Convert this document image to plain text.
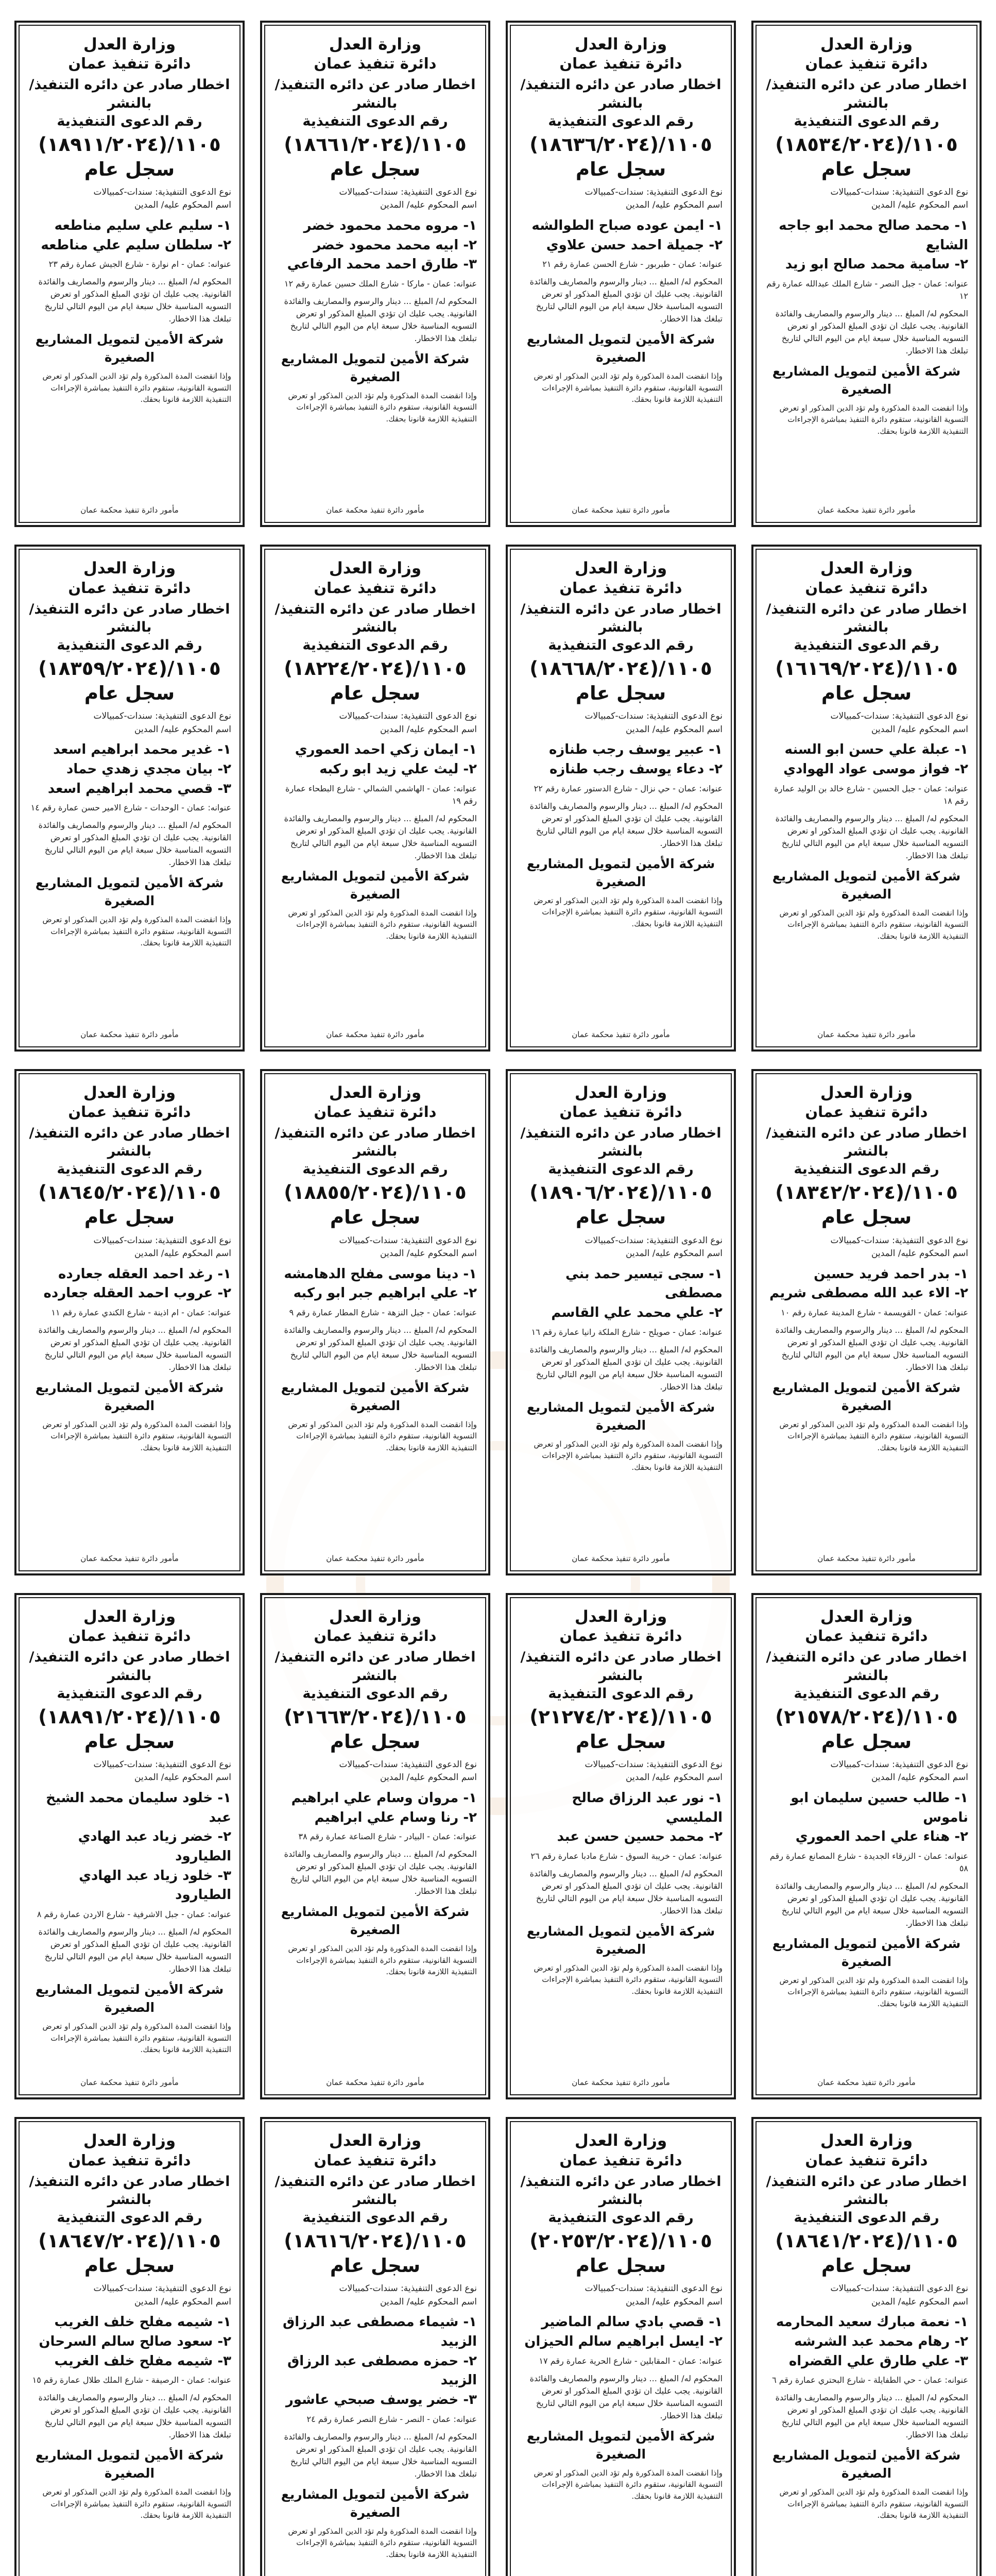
وزارة العدل
دائرة تنفيذ عمان
اخطار صادر عن دائره التنفيذ/ بالنشر
رقم الدعوى التنفيذية
١١٠٥/(١٨٥٣٤/٢٠٢٤) سجل عام
نوع الدعوى التنفيذية: سندات-كمبيالات
اسم المحكوم عليه/ المدين
١- محمد صالح محمد ابو جاجه الشايع
٢- سامية محمد صالح ابو زيد
عنوانه: عمان - جبل النصر - شارع الملك عبدالله عمارة رقم ١٢
المحكوم له/ المبلغ ... دينار والرسوم والمصاريف والفائدة القانونية. يجب عليك ان تؤدي المبلغ المذكور او تعرض التسويه المناسبة خلال سبعة ايام من اليوم التالي لتاريخ تبلغك هذا الاخطار.
شركة الأمين لتمويل المشاريع الصغيرة
وإذا انقضت المدة المذكورة ولم تؤد الدين المذكور او تعرض التسوية القانونية، ستقوم دائرة التنفيذ بمباشرة الإجراءات التنفيذية اللازمة قانونا بحقك.
مأمور دائرة تنفيذ محكمة عمان
وزارة العدل
دائرة تنفيذ عمان
اخطار صادر عن دائره التنفيذ/ بالنشر
رقم الدعوى التنفيذية
١١٠٥/(١٨٦٣٦/٢٠٢٤) سجل عام
نوع الدعوى التنفيذية: سندات-كمبيالات
اسم المحكوم عليه/ المدين
١- ايمن عوده صباح الطوالشه
٢- جميلة احمد حسن علاوي
عنوانه: عمان - طبربور - شارع الحسن عمارة رقم ٢١
المحكوم له/ المبلغ ... دينار والرسوم والمصاريف والفائدة القانونية. يجب عليك ان تؤدي المبلغ المذكور او تعرض التسويه المناسبة خلال سبعة ايام من اليوم التالي لتاريخ تبلغك هذا الاخطار.
شركة الأمين لتمويل المشاريع الصغيرة
وإذا انقضت المدة المذكورة ولم تؤد الدين المذكور او تعرض التسوية القانونية، ستقوم دائرة التنفيذ بمباشرة الإجراءات التنفيذية اللازمة قانونا بحقك.
مأمور دائرة تنفيذ محكمة عمان
وزارة العدل
دائرة تنفيذ عمان
اخطار صادر عن دائره التنفيذ/ بالنشر
رقم الدعوى التنفيذية
١١٠٥/(١٨٦٦١/٢٠٢٤) سجل عام
نوع الدعوى التنفيذية: سندات-كمبيالات
اسم المحكوم عليه/ المدين
١- مروه محمد محمود خضر
٢- ابيه محمد محمود خضر
٣- طارق احمد محمد الرفاعي
عنوانه: عمان - ماركا - شارع الملك حسين عمارة رقم ١٢
المحكوم له/ المبلغ ... دينار والرسوم والمصاريف والفائدة القانونية. يجب عليك ان تؤدي المبلغ المذكور او تعرض التسويه المناسبة خلال سبعة ايام من اليوم التالي لتاريخ تبلغك هذا الاخطار.
شركة الأمين لتمويل المشاريع الصغيرة
وإذا انقضت المدة المذكورة ولم تؤد الدين المذكور او تعرض التسوية القانونية، ستقوم دائرة التنفيذ بمباشرة الإجراءات التنفيذية اللازمة قانونا بحقك.
مأمور دائرة تنفيذ محكمة عمان
وزارة العدل
دائرة تنفيذ عمان
اخطار صادر عن دائره التنفيذ/ بالنشر
رقم الدعوى التنفيذية
١١٠٥/(١٨٩١١/٢٠٢٤) سجل عام
نوع الدعوى التنفيذية: سندات-كمبيالات
اسم المحكوم عليه/ المدين
١- سليم علي سليم مناطعه
٢- سلطان سليم علي مناطعه
عنوانه: عمان - ام نوارة - شارع الجيش عمارة رقم ٢٣
المحكوم له/ المبلغ ... دينار والرسوم والمصاريف والفائدة القانونية. يجب عليك ان تؤدي المبلغ المذكور او تعرض التسويه المناسبة خلال سبعة ايام من اليوم التالي لتاريخ تبلغك هذا الاخطار.
شركة الأمين لتمويل المشاريع الصغيرة
وإذا انقضت المدة المذكورة ولم تؤد الدين المذكور او تعرض التسوية القانونية، ستقوم دائرة التنفيذ بمباشرة الإجراءات التنفيذية اللازمة قانونا بحقك.
مأمور دائرة تنفيذ محكمة عمان
وزارة العدل
دائرة تنفيذ عمان
اخطار صادر عن دائره التنفيذ/ بالنشر
رقم الدعوى التنفيذية
١١٠٥/(١٦١٦٩/٢٠٢٤) سجل عام
نوع الدعوى التنفيذية: سندات-كمبيالات
اسم المحكوم عليه/ المدين
١- عبلة علي حسن ابو السنه
٢- فواز موسى عواد الهوادي
عنوانه: عمان - جبل الحسين - شارع خالد بن الوليد عمارة رقم ١٨
المحكوم له/ المبلغ ... دينار والرسوم والمصاريف والفائدة القانونية. يجب عليك ان تؤدي المبلغ المذكور او تعرض التسويه المناسبة خلال سبعة ايام من اليوم التالي لتاريخ تبلغك هذا الاخطار.
شركة الأمين لتمويل المشاريع الصغيرة
وإذا انقضت المدة المذكورة ولم تؤد الدين المذكور او تعرض التسوية القانونية، ستقوم دائرة التنفيذ بمباشرة الإجراءات التنفيذية اللازمة قانونا بحقك.
مأمور دائرة تنفيذ محكمة عمان
وزارة العدل
دائرة تنفيذ عمان
اخطار صادر عن دائره التنفيذ/ بالنشر
رقم الدعوى التنفيذية
١١٠٥/(١٨٦٦٨/٢٠٢٤) سجل عام
نوع الدعوى التنفيذية: سندات-كمبيالات
اسم المحكوم عليه/ المدين
١- عبير يوسف رجب طنازه
٢- دعاء يوسف رجب طنازه
عنوانه: عمان - حي نزال - شارع الدستور عمارة رقم ٢٢
المحكوم له/ المبلغ ... دينار والرسوم والمصاريف والفائدة القانونية. يجب عليك ان تؤدي المبلغ المذكور او تعرض التسويه المناسبة خلال سبعة ايام من اليوم التالي لتاريخ تبلغك هذا الاخطار.
شركة الأمين لتمويل المشاريع الصغيرة
وإذا انقضت المدة المذكورة ولم تؤد الدين المذكور او تعرض التسوية القانونية، ستقوم دائرة التنفيذ بمباشرة الإجراءات التنفيذية اللازمة قانونا بحقك.
مأمور دائرة تنفيذ محكمة عمان
وزارة العدل
دائرة تنفيذ عمان
اخطار صادر عن دائره التنفيذ/ بالنشر
رقم الدعوى التنفيذية
١١٠٥/(١٨٢٢٤/٢٠٢٤) سجل عام
نوع الدعوى التنفيذية: سندات-كمبيالات
اسم المحكوم عليه/ المدين
١- ايمان زكي احمد العموري
٢- ليث علي زيد ابو ركبه
عنوانه: عمان - الهاشمي الشمالي - شارع البطحاء عمارة رقم ١٩
المحكوم له/ المبلغ ... دينار والرسوم والمصاريف والفائدة القانونية. يجب عليك ان تؤدي المبلغ المذكور او تعرض التسويه المناسبة خلال سبعة ايام من اليوم التالي لتاريخ تبلغك هذا الاخطار.
شركة الأمين لتمويل المشاريع الصغيرة
وإذا انقضت المدة المذكورة ولم تؤد الدين المذكور او تعرض التسوية القانونية، ستقوم دائرة التنفيذ بمباشرة الإجراءات التنفيذية اللازمة قانونا بحقك.
مأمور دائرة تنفيذ محكمة عمان
وزارة العدل
دائرة تنفيذ عمان
اخطار صادر عن دائره التنفيذ/ بالنشر
رقم الدعوى التنفيذية
١١٠٥/(١٨٣٥٩/٢٠٢٤) سجل عام
نوع الدعوى التنفيذية: سندات-كمبيالات
اسم المحكوم عليه/ المدين
١- غدير محمد ابراهيم اسعد
٢- بيان مجدي زهدي حماد
٣- قصي محمد ابراهيم اسعد
عنوانه: عمان - الوحدات - شارع الامير حسن عمارة رقم ١٤
المحكوم له/ المبلغ ... دينار والرسوم والمصاريف والفائدة القانونية. يجب عليك ان تؤدي المبلغ المذكور او تعرض التسويه المناسبة خلال سبعة ايام من اليوم التالي لتاريخ تبلغك هذا الاخطار.
شركة الأمين لتمويل المشاريع الصغيرة
وإذا انقضت المدة المذكورة ولم تؤد الدين المذكور او تعرض التسوية القانونية، ستقوم دائرة التنفيذ بمباشرة الإجراءات التنفيذية اللازمة قانونا بحقك.
مأمور دائرة تنفيذ محكمة عمان
وزارة العدل
دائرة تنفيذ عمان
اخطار صادر عن دائره التنفيذ/ بالنشر
رقم الدعوى التنفيذية
١١٠٥/(١٨٣٤٢/٢٠٢٤) سجل عام
نوع الدعوى التنفيذية: سندات-كمبيالات
اسم المحكوم عليه/ المدين
١- بدر احمد فريد حسين
٢- الاء عبد الله مصطفى شريم
عنوانه: عمان - القويسمة - شارع المدينة عمارة رقم ١٠
المحكوم له/ المبلغ ... دينار والرسوم والمصاريف والفائدة القانونية. يجب عليك ان تؤدي المبلغ المذكور او تعرض التسويه المناسبة خلال سبعة ايام من اليوم التالي لتاريخ تبلغك هذا الاخطار.
شركة الأمين لتمويل المشاريع الصغيرة
وإذا انقضت المدة المذكورة ولم تؤد الدين المذكور او تعرض التسوية القانونية، ستقوم دائرة التنفيذ بمباشرة الإجراءات التنفيذية اللازمة قانونا بحقك.
مأمور دائرة تنفيذ محكمة عمان
وزارة العدل
دائرة تنفيذ عمان
اخطار صادر عن دائره التنفيذ/ بالنشر
رقم الدعوى التنفيذية
١١٠٥/(١٨٩٠٦/٢٠٢٤) سجل عام
نوع الدعوى التنفيذية: سندات-كمبيالات
اسم المحكوم عليه/ المدين
١- سجى تيسير حمد بني مصطفى
٢- علي محمد علي القاسم
عنوانه: عمان - صويلح - شارع الملكة رانيا عمارة رقم ١٦
المحكوم له/ المبلغ ... دينار والرسوم والمصاريف والفائدة القانونية. يجب عليك ان تؤدي المبلغ المذكور او تعرض التسويه المناسبة خلال سبعة ايام من اليوم التالي لتاريخ تبلغك هذا الاخطار.
شركة الأمين لتمويل المشاريع الصغيرة
وإذا انقضت المدة المذكورة ولم تؤد الدين المذكور او تعرض التسوية القانونية، ستقوم دائرة التنفيذ بمباشرة الإجراءات التنفيذية اللازمة قانونا بحقك.
مأمور دائرة تنفيذ محكمة عمان
وزارة العدل
دائرة تنفيذ عمان
اخطار صادر عن دائره التنفيذ/ بالنشر
رقم الدعوى التنفيذية
١١٠٥/(١٨٨٥٥/٢٠٢٤) سجل عام
نوع الدعوى التنفيذية: سندات-كمبيالات
اسم المحكوم عليه/ المدين
١- دينا موسى مفلح الدهامشه
٢- علي ابراهيم جبر ابو ركبه
عنوانه: عمان - جبل النزهة - شارع المطار عمارة رقم ٩
المحكوم له/ المبلغ ... دينار والرسوم والمصاريف والفائدة القانونية. يجب عليك ان تؤدي المبلغ المذكور او تعرض التسويه المناسبة خلال سبعة ايام من اليوم التالي لتاريخ تبلغك هذا الاخطار.
شركة الأمين لتمويل المشاريع الصغيرة
وإذا انقضت المدة المذكورة ولم تؤد الدين المذكور او تعرض التسوية القانونية، ستقوم دائرة التنفيذ بمباشرة الإجراءات التنفيذية اللازمة قانونا بحقك.
مأمور دائرة تنفيذ محكمة عمان
وزارة العدل
دائرة تنفيذ عمان
اخطار صادر عن دائره التنفيذ/ بالنشر
رقم الدعوى التنفيذية
١١٠٥/(١٨٦٤٥/٢٠٢٤) سجل عام
نوع الدعوى التنفيذية: سندات-كمبيالات
اسم المحكوم عليه/ المدين
١- رغد احمد العقله جعارده
٢- عروب احمد العقله جعارده
عنوانه: عمان - ام اذينة - شارع الكندي عمارة رقم ١١
المحكوم له/ المبلغ ... دينار والرسوم والمصاريف والفائدة القانونية. يجب عليك ان تؤدي المبلغ المذكور او تعرض التسويه المناسبة خلال سبعة ايام من اليوم التالي لتاريخ تبلغك هذا الاخطار.
شركة الأمين لتمويل المشاريع الصغيرة
وإذا انقضت المدة المذكورة ولم تؤد الدين المذكور او تعرض التسوية القانونية، ستقوم دائرة التنفيذ بمباشرة الإجراءات التنفيذية اللازمة قانونا بحقك.
مأمور دائرة تنفيذ محكمة عمان
وزارة العدل
دائرة تنفيذ عمان
اخطار صادر عن دائره التنفيذ/ بالنشر
رقم الدعوى التنفيذية
١١٠٥/(٢١٥٧٨/٢٠٢٤) سجل عام
نوع الدعوى التنفيذية: سندات-كمبيالات
اسم المحكوم عليه/ المدين
١- طالب حسين سليمان ابو ناموس
٢- هناء علي احمد العموري
عنوانه: عمان - الزرقاء الجديدة - شارع المصانع عمارة رقم ٥٨
المحكوم له/ المبلغ ... دينار والرسوم والمصاريف والفائدة القانونية. يجب عليك ان تؤدي المبلغ المذكور او تعرض التسويه المناسبة خلال سبعة ايام من اليوم التالي لتاريخ تبلغك هذا الاخطار.
شركة الأمين لتمويل المشاريع الصغيرة
وإذا انقضت المدة المذكورة ولم تؤد الدين المذكور او تعرض التسوية القانونية، ستقوم دائرة التنفيذ بمباشرة الإجراءات التنفيذية اللازمة قانونا بحقك.
مأمور دائرة تنفيذ محكمة عمان
وزارة العدل
دائرة تنفيذ عمان
اخطار صادر عن دائره التنفيذ/ بالنشر
رقم الدعوى التنفيذية
١١٠٥/(٢١٢٧٤/٢٠٢٤) سجل عام
نوع الدعوى التنفيذية: سندات-كمبيالات
اسم المحكوم عليه/ المدين
١- نور عبد الرزاق صالح المليسي
٢- محمد حسين حسن عبد
عنوانه: عمان - خريبة السوق - شارع مادبا عمارة رقم ٢٦
المحكوم له/ المبلغ ... دينار والرسوم والمصاريف والفائدة القانونية. يجب عليك ان تؤدي المبلغ المذكور او تعرض التسويه المناسبة خلال سبعة ايام من اليوم التالي لتاريخ تبلغك هذا الاخطار.
شركة الأمين لتمويل المشاريع الصغيرة
وإذا انقضت المدة المذكورة ولم تؤد الدين المذكور او تعرض التسوية القانونية، ستقوم دائرة التنفيذ بمباشرة الإجراءات التنفيذية اللازمة قانونا بحقك.
مأمور دائرة تنفيذ محكمة عمان
وزارة العدل
دائرة تنفيذ عمان
اخطار صادر عن دائره التنفيذ/ بالنشر
رقم الدعوى التنفيذية
١١٠٥/(٢١٦٦٣/٢٠٢٤) سجل عام
نوع الدعوى التنفيذية: سندات-كمبيالات
اسم المحكوم عليه/ المدين
١- مروان وسام علي ابراهيم
٢- رنا وسام علي ابراهيم
عنوانه: عمان - البيادر - شارع الصناعة عمارة رقم ٣٨
المحكوم له/ المبلغ ... دينار والرسوم والمصاريف والفائدة القانونية. يجب عليك ان تؤدي المبلغ المذكور او تعرض التسويه المناسبة خلال سبعة ايام من اليوم التالي لتاريخ تبلغك هذا الاخطار.
شركة الأمين لتمويل المشاريع الصغيرة
وإذا انقضت المدة المذكورة ولم تؤد الدين المذكور او تعرض التسوية القانونية، ستقوم دائرة التنفيذ بمباشرة الإجراءات التنفيذية اللازمة قانونا بحقك.
مأمور دائرة تنفيذ محكمة عمان
وزارة العدل
دائرة تنفيذ عمان
اخطار صادر عن دائره التنفيذ/ بالنشر
رقم الدعوى التنفيذية
١١٠٥/(١٨٨٩١/٢٠٢٤) سجل عام
نوع الدعوى التنفيذية: سندات-كمبيالات
اسم المحكوم عليه/ المدين
١- خلود سليمان محمد الشيخ عبد
٢- خضر زياد عبد الهادي الطيارود
٣- خلود زياد عبد الهادي الطيارود
عنوانه: عمان - جبل الاشرفية - شارع الاردن عمارة رقم ٨
المحكوم له/ المبلغ ... دينار والرسوم والمصاريف والفائدة القانونية. يجب عليك ان تؤدي المبلغ المذكور او تعرض التسويه المناسبة خلال سبعة ايام من اليوم التالي لتاريخ تبلغك هذا الاخطار.
شركة الأمين لتمويل المشاريع الصغيرة
وإذا انقضت المدة المذكورة ولم تؤد الدين المذكور او تعرض التسوية القانونية، ستقوم دائرة التنفيذ بمباشرة الإجراءات التنفيذية اللازمة قانونا بحقك.
مأمور دائرة تنفيذ محكمة عمان
وزارة العدل
دائرة تنفيذ عمان
اخطار صادر عن دائره التنفيذ/ بالنشر
رقم الدعوى التنفيذية
١١٠٥/(١٨٦٤١/٢٠٢٤) سجل عام
نوع الدعوى التنفيذية: سندات-كمبيالات
اسم المحكوم عليه/ المدين
١- نعمة مبارك سعيد المحارمه
٢- رهام محمد عبد الشرشه
٣- علي طارق علي القضراه
عنوانه: عمان - حي الطفايلة - شارع البحتري عمارة رقم ٦
المحكوم له/ المبلغ ... دينار والرسوم والمصاريف والفائدة القانونية. يجب عليك ان تؤدي المبلغ المذكور او تعرض التسويه المناسبة خلال سبعة ايام من اليوم التالي لتاريخ تبلغك هذا الاخطار.
شركة الأمين لتمويل المشاريع الصغيرة
وإذا انقضت المدة المذكورة ولم تؤد الدين المذكور او تعرض التسوية القانونية، ستقوم دائرة التنفيذ بمباشرة الإجراءات التنفيذية اللازمة قانونا بحقك.
وزارة العدل
دائرة تنفيذ عمان
اخطار صادر عن دائره التنفيذ/ بالنشر
رقم الدعوى التنفيذية
١١٠٥/(٢٠٢٥٣/٢٠٢٤) سجل عام
نوع الدعوى التنفيذية: سندات-كمبيالات
اسم المحكوم عليه/ المدين
١- قصي بادي سالم الماضير
٢- ايسل ابراهيم سالم الحيزان
عنوانه: عمان - المقابلين - شارع الحرية عمارة رقم ١٧
المحكوم له/ المبلغ ... دينار والرسوم والمصاريف والفائدة القانونية. يجب عليك ان تؤدي المبلغ المذكور او تعرض التسويه المناسبة خلال سبعة ايام من اليوم التالي لتاريخ تبلغك هذا الاخطار.
شركة الأمين لتمويل المشاريع الصغيرة
وإذا انقضت المدة المذكورة ولم تؤد الدين المذكور او تعرض التسوية القانونية، ستقوم دائرة التنفيذ بمباشرة الإجراءات التنفيذية اللازمة قانونا بحقك.
وزارة العدل
دائرة تنفيذ عمان
اخطار صادر عن دائره التنفيذ/ بالنشر
رقم الدعوى التنفيذية
١١٠٥/(١٨٦١٦/٢٠٢٤) سجل عام
نوع الدعوى التنفيذية: سندات-كمبيالات
اسم المحكوم عليه/ المدين
١- شيماء مصطفى عبد الرزاق الزبيد
٢- حمزه مصطفى عبد الرزاق الزبيد
٣- خضر يوسف صبحي عاشور
عنوانه: عمان - النصر - شارع النصر عمارة رقم ٢٤
المحكوم له/ المبلغ ... دينار والرسوم والمصاريف والفائدة القانونية. يجب عليك ان تؤدي المبلغ المذكور او تعرض التسويه المناسبة خلال سبعة ايام من اليوم التالي لتاريخ تبلغك هذا الاخطار.
شركة الأمين لتمويل المشاريع الصغيرة
وإذا انقضت المدة المذكورة ولم تؤد الدين المذكور او تعرض التسوية القانونية، ستقوم دائرة التنفيذ بمباشرة الإجراءات التنفيذية اللازمة قانونا بحقك.
وزارة العدل
دائرة تنفيذ عمان
اخطار صادر عن دائره التنفيذ/ بالنشر
رقم الدعوى التنفيذية
١١٠٥/(١٨٦٤٧/٢٠٢٤) سجل عام
نوع الدعوى التنفيذية: سندات-كمبيالات
اسم المحكوم عليه/ المدين
١- شيمه مفلح خلف الغريب
٢- سعود صالح سالم السرحان
٣- شيمه مفلح خلف الغريب
عنوانه: عمان - الرصيفة - شارع الملك طلال عمارة رقم ١٥
المحكوم له/ المبلغ ... دينار والرسوم والمصاريف والفائدة القانونية. يجب عليك ان تؤدي المبلغ المذكور او تعرض التسويه المناسبة خلال سبعة ايام من اليوم التالي لتاريخ تبلغك هذا الاخطار.
شركة الأمين لتمويل المشاريع الصغيرة
وإذا انقضت المدة المذكورة ولم تؤد الدين المذكور او تعرض التسوية القانونية، ستقوم دائرة التنفيذ بمباشرة الإجراءات التنفيذية اللازمة قانونا بحقك.
